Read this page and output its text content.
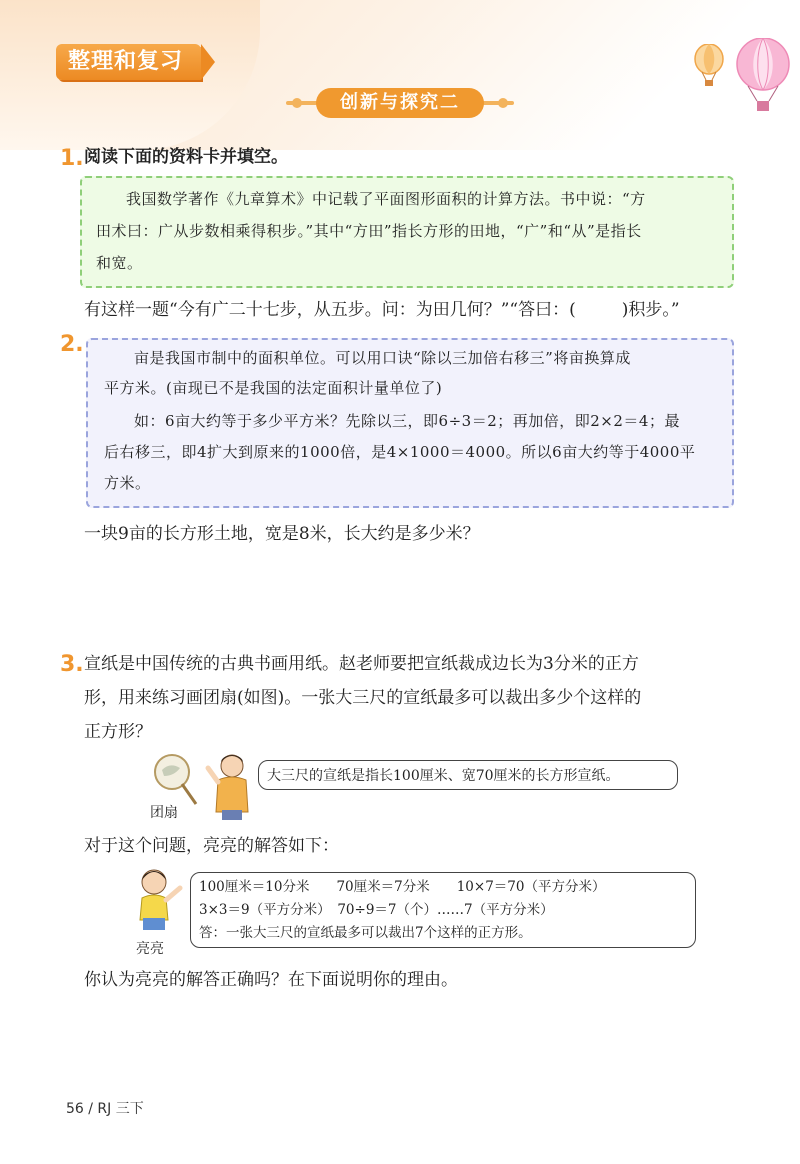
整理和复习
创新与探究二
1. 阅读下面的资料卡并填空。
我国数学著作《九章算术》中记载了平面图形面积的计算方法。书中说：“方
田术曰：广从步数相乘得积步。”其中“方田”指长方形的田地，“广”和“从”是指长
和宽。
有这样一题“今有广二十七步，从五步。问：为田几何？”“答曰：(	)积步。”
2.
亩是我国市制中的面积单位。可以用口诀“除以三加倍右移三”将亩换算成
平方米。(亩现已不是我国的法定面积计量单位了)
如：6亩大约等于多少平方米？先除以三，即6÷3＝2；再加倍，即2×2＝4；最
后右移三，即4扩大到原来的1000倍，是4×1000＝4000。所以6亩大约等于4000平
方米。
一块9亩的长方形土地，宽是8米，长大约是多少米？
3. 宣纸是中国传统的古典书画用纸。赵老师要把宣纸裁成边长为3分米的正方
形，用来练习画团扇(如图)。一张大三尺的宣纸最多可以裁出多少个这样的
正方形？
团扇
大三尺的宣纸是指长100厘米、宽70厘米的长方形宣纸。
对于这个问题，亮亮的解答如下：
亮亮
100厘米＝10分米　　70厘米＝7分米　　10×7＝70（平方分米）
3×3＝9（平方分米）　70÷9＝7（个）……7（平方分米）
答：一张大三尺的宣纸最多可以裁出7个这样的正方形。
你认为亮亮的解答正确吗？在下面说明你的理由。
56 / RJ 三下
